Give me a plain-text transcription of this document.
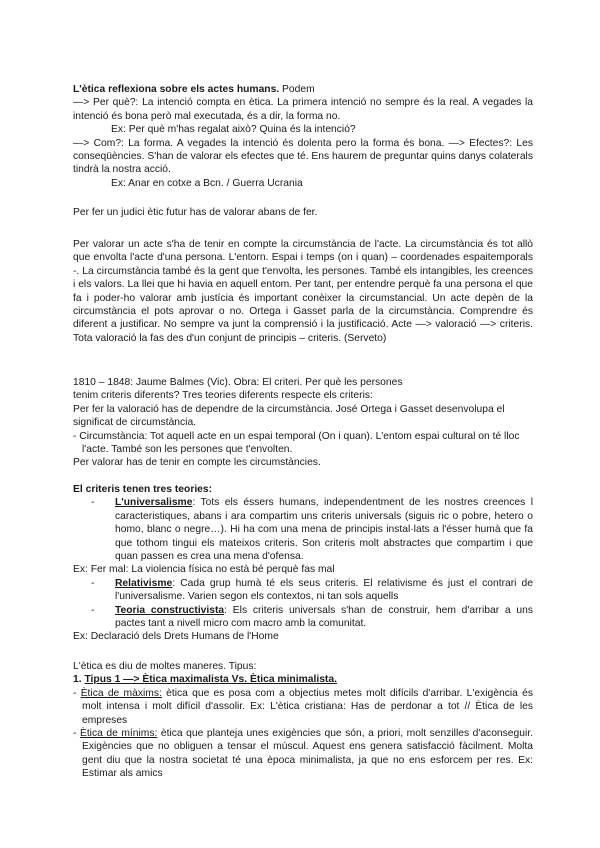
L'ètica reflexiona sobre els actes humans. Podem

—> Per què?: La intenció compta en ètica. La primera intenció no sempre és la real. A vegades la intenció és bona però mal executada, és a dir, la forma no.

Ex: Per què m'has regalat això? Quina és la intenció?

—> Com?: La forma. A vegades la intenció és dolenta pero la forma és bona. —> Efectes?: Les conseqüències. S'han de valorar els efectes que té. Ens haurem de preguntar quins danys colaterals tindrà la nostra acció.

Ex: Anar en cotxe a Bcn. / Guerra Ucrania

Per fer un judici ètic futur has de valorar abans de fer.

Per valorar un acte s'ha de tenir en compte la circumstància de l'acte. La circumstància és tot allò que envolta l'acte d'una persona. L'entorn. Espai i temps (on i quan) – coordenades espaitemporals -. La circumstància també és la gent que t'envolta, les persones. També els intangibles, les creences i els valors. La llei que hi havia en aquell entom. Per tant, per entendre perquè fa una persona el que fa i poder-ho valorar amb justícia és important conèixer la circumstancial. Un acte depèn de la circumstància el pots aprovar o no. Ortega i Gasset parla de la circumstància. Comprendre és diferent a justificar. No sempre va junt la comprensió i la justificació. Acte —> valoració —> criteris. Tota valoració la fas des d'un conjunt de principis – criteris. (Serveto)

1810 – 1848: Jaume Balmes (Vic). Obra: El criteri. Per què les persones

tenim criteris diferents? Tres teories diferents respecte els criteris:

Per fer la valoració has de dependre de la circumstància. José Ortega i Gasset desenvolupa el significat de circumstància.

- Circumstància: Tot aquell acte en un espai temporal (On i quan). L'entom espai cultural on té lloc l'acte. També son les persones que t'envolten.

Per valorar has de tenir en compte les circumstàncies.

El criteris tenen tres teories:

- L'universalisme: Tots els éssers humans, independentment de les nostres creences l caracteristiques, abans i ara compartim uns criteris universals (siguis ric o pobre, hetero o homo, blanc o negre…). Hi ha com una mena de principis instal·lats a l'ésser humà que fa que tothom tingui els mateixos criteris. Son criteris molt abstractes que compartim i que quan passen es crea una mena d'ofensa.

Ex: Fer mal: La violencia física no està bé perquè fas mal

- Relativisme: Cada grup humà té els seus criteris. El relativisme és just el contrari de l'universalisme. Varien segon els contextos, ni tan sols aquells

- Teoria constructivista: Els criteris universals s'han de construir, hem d'arribar a uns pactes tant a nivell micro com macro amb la comunitat.

Ex: Declaració dels Drets Humans de l'Home

L'ètica es diu de moltes maneres. Tipus:

1. Tipus 1 —> Ètica maximalista Vs. Ètica minimalista.

- Ètica de màxims: ètica que es posa com a objectius metes molt difícils d'arribar. L'exigència és molt intensa i molt difícil d'assolir. Ex: L'ètica cristiana: Has de perdonar a tot // Ètica de les empreses

- Ètica de mínims: ètica que planteja unes exigències que són, a priori, molt senzilles d'aconseguir. Exigències que no obliguen a tensar el múscul. Aquest ens genera satisfacció fàcilment. Molta gent diu que la nostra societat té una època minimalista, ja que no ens esforcem per res. Ex: Estimar als amics
